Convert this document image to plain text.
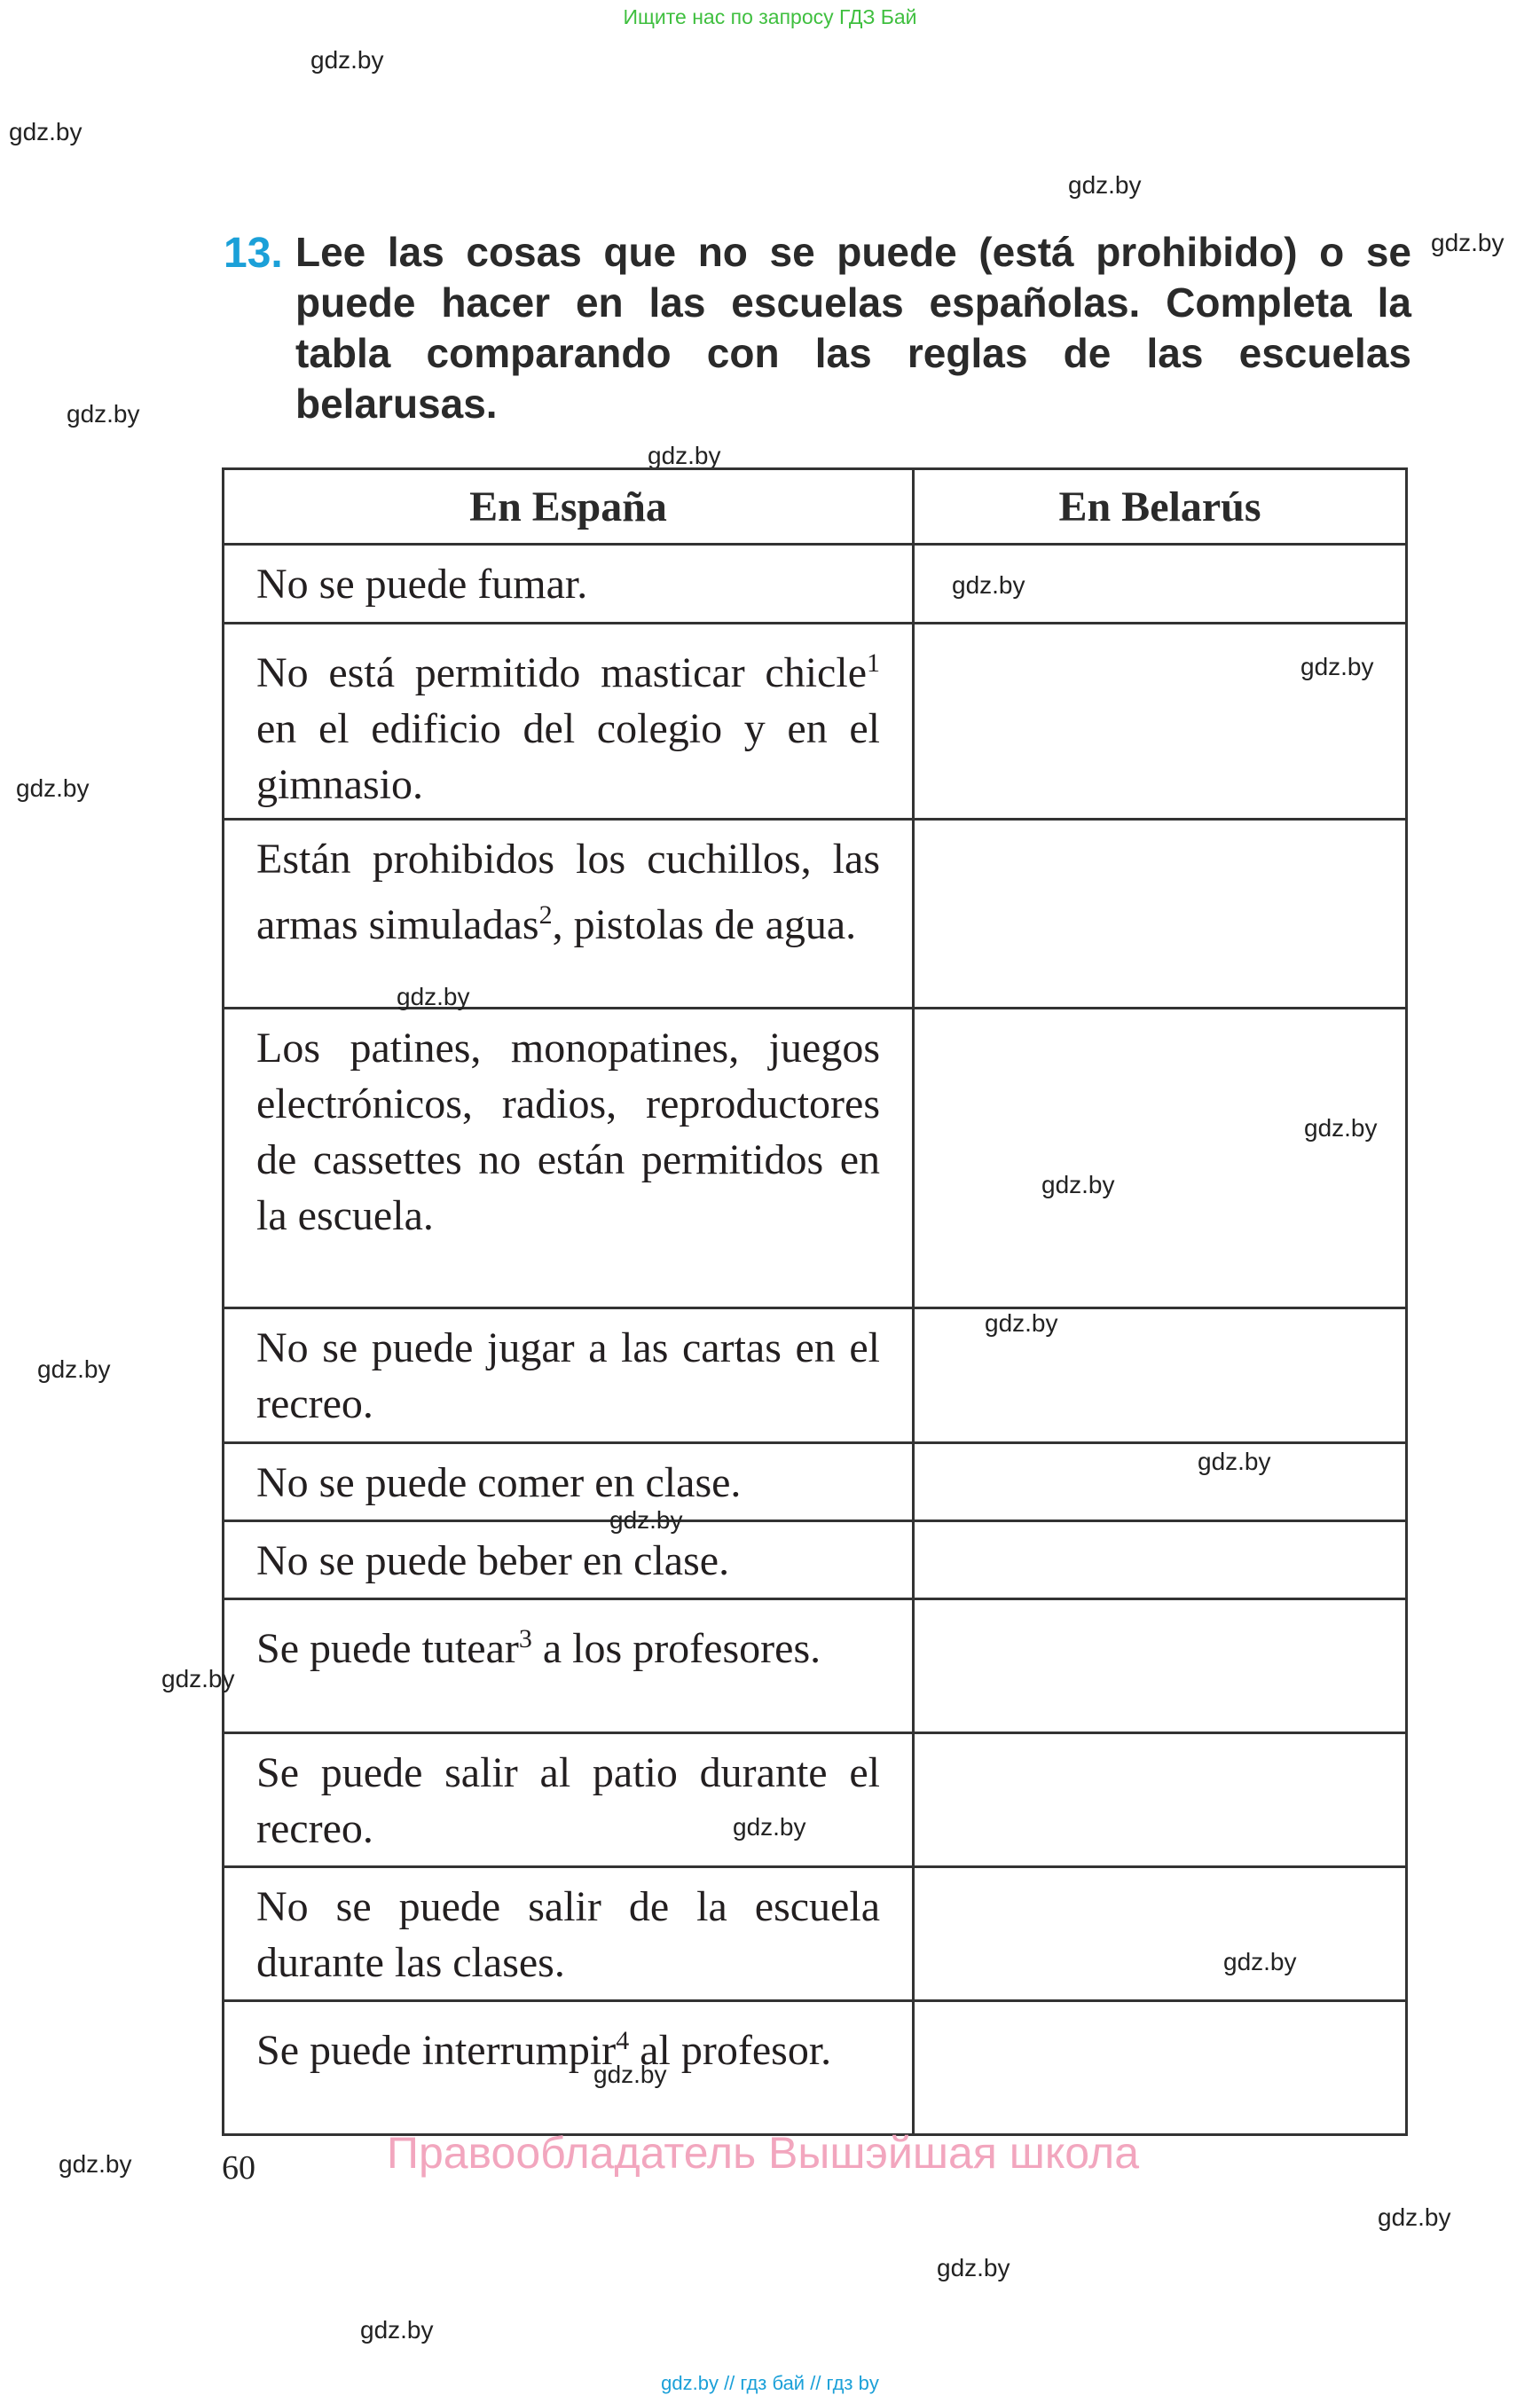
Ищите нас по запросу ГДЗ Бай
gdz.by
gdz.by
gdz.by
gdz.by
gdz.by
gdz.by
13. Lee las cosas que no se puede (está prohibido) o se puede hacer en las escuelas españolas. Completa la tabla comparando con las reglas de las escuelas belarusas.
En España	En Belarús
No se puede fumar.	
No está permitido masticar chicle$^1$ en el edificio del colegio y en el gimnasio.	
Están prohibidos los cuchillos, las armas simuladas$^2$, pistolas de agua.	
Los patines, monopatines, juegos electrónicos, radios, reproductores de cassettes no están permitidos en la escuela.	
No se puede jugar a las cartas en el recreo.	
No se puede comer en clase.	
No se puede beber en clase.	
Se puede tutear$^3$ a los profesores.	
Se puede salir al patio durante el recreo.	
No se puede salir de la escuela durante las clases.	
Se puede interrumpir$^4$ al profesor.	
gdz.by
gdz.by
gdz.by
gdz.by
gdz.by
gdz.by
gdz.by
gdz.by
gdz.by
gdz.by
gdz.by
gdz.by
gdz.by
gdz.by
60	Правообладатель Вышэйшая школа
gdz.by
gdz.by
gdz.by
gdz.by
gdz.by // гдз бай // гдз by
